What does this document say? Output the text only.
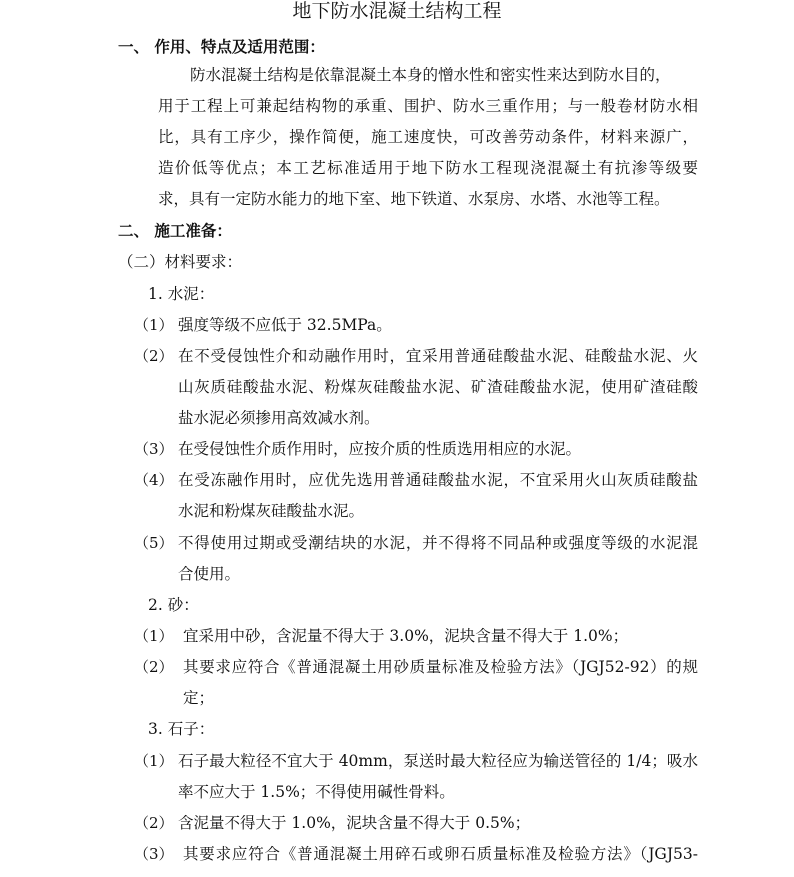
地下防水混凝土结构工程
一、 作用、特点及适用范围：
防水混凝土结构是依靠混凝土本身的憎水性和密实性来达到防水目的，
用于工程上可兼起结构物的承重、围护、防水三重作用；与一般卷材防水相
比，具有工序少，操作简便，施工速度快，可改善劳动条件，材料来源广，
造价低等优点；本工艺标准适用于地下防水工程现浇混凝土有抗渗等级要
求，具有一定防水能力的地下室、地下铁道、水泵房、水塔、水池等工程。
二、 施工准备：
（二）材料要求：
1. 水泥：
（1） 强度等级不应低于 32.5MPa。
（2） 在不受侵蚀性介和动融作用时，宜采用普通硅酸盐水泥、硅酸盐水泥、火
山灰质硅酸盐水泥、粉煤灰硅酸盐水泥、矿渣硅酸盐水泥，使用矿渣硅酸
盐水泥必须掺用高效减水剂。
（3） 在受侵蚀性介质作用时，应按介质的性质选用相应的水泥。
（4） 在受冻融作用时，应优先选用普通硅酸盐水泥，不宜采用火山灰质硅酸盐
水泥和粉煤灰硅酸盐水泥。
（5） 不得使用过期或受潮结块的水泥，并不得将不同品种或强度等级的水泥混
合使用。
2. 砂：
（1） 宜采用中砂，含泥量不得大于 3.0%，泥块含量不得大于 1.0%；
（2） 其要求应符合《普通混凝土用砂质量标准及检验方法》（JGJ52-92）的规
定；
3. 石子：
（1） 石子最大粒径不宜大于 40mm，泵送时最大粒径应为输送管径的 1/4；吸水
率不应大于 1.5%；不得使用碱性骨料。
（2） 含泥量不得大于 1.0%，泥块含量不得大于 0.5%；
（3） 其要求应符合《普通混凝土用碎石或卵石质量标准及检验方法》（JGJ53-
